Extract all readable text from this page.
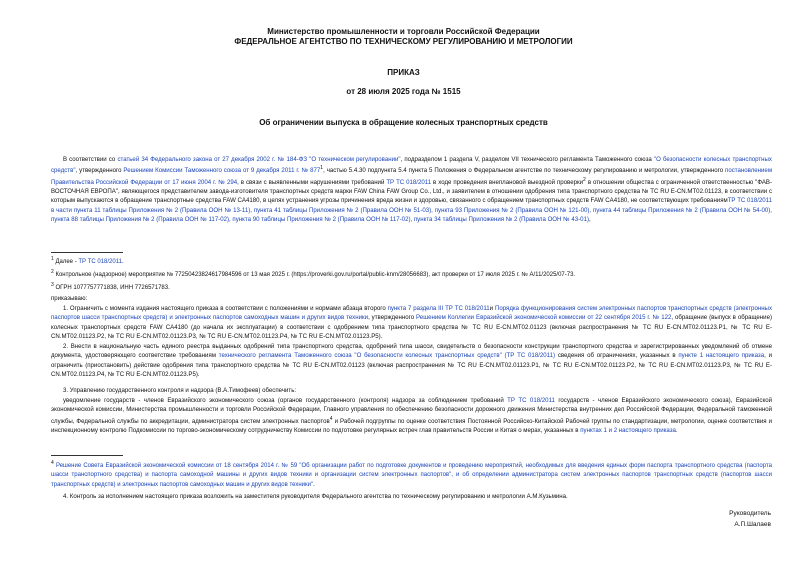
Министерство промышленности и торговли Российской Федерации
ФЕДЕРАЛЬНОЕ АГЕНТСТВО ПО ТЕХНИЧЕСКОМУ РЕГУЛИРОВАНИЮ И МЕТРОЛОГИИ
ПРИКАЗ
от 28 июля 2025 года № 1515
Об ограничении выпуска в обращение колесных транспортных средств
В соответствии со статьей 34 Федерального закона от 27 декабря 2002 г. № 184-ФЗ "О техническом регулировании", подразделом 1 раздела V, разделом VII технического регламента Таможенного союза "О безопасности колесных транспортных средств", утвержденного Решением Комиссии Таможенного союза от 9 декабря 2011 г. № $877^1$, частью 5.4.30 подпункта 5.4 пункта 5 Положения о Федеральном агентстве по техническому регулированию и метрологии, утвержденного постановлением Правительства Российской Федерации от 17 июня 2004 г. № 294, в связи с выявленными нарушениями требований ТР ТС 018/2011 в ходе проведения внеплановой выездной проверки$^2$ в отношении общества с ограниченной ответственностью "ФАВ-ВОСТОЧНАЯ ЕВРОПА", являющегося представителем завода-изготовителя транспортных средств марки FAW China FAW Group Co., Ltd., и заявителем в отношении одобрения типа транспортного средства № ТС RU E-CN.МТ02.01123, в соответствии с которым выпускаются в обращение транспортные средства FAW CA4180, в целях устранения угрозы причинения вреда жизни и здоровью, связанного с обращением транспортных средств FAW CA4180, не соответствующих требованиямТР ТС 018/2011 в части пункта 11 таблицы Приложения № 2 (Правила ООН № 13-11), пункта 41 таблицы Приложения № 2 (Правила ООН № 51-03), пункта 93 Приложения № 2 (Правила ООН № 121-00), пункта 44 таблицы Приложения № 2 (Правила ООН № 54-00), пункта 88 таблицы Приложения № 2 (Правила ООН № 117-02), пункта 90 таблицы Приложения № 2 (Правила ООН № 117-02), пункта 34 таблицы Приложения № 2 (Правила ООН № 43-01),
$^1$ Далее - ТР ТС 018/2011.
$^2$ Контрольное (надзорное) мероприятие № 77250423824617984596 от 13 мая 2025 г. (https://proverki.gov.ru/portal/public-knm/28056683), акт проверки от 17 июля 2025 г. № А/11/2025/07-73.
$^3$ ОГРН 1077757771838, ИНН 7726571783.
приказываю:
1. Ограничить с момента издания настоящего приказа в соответствии с положениями и нормами абзаца второго пункта 7 раздела III ТР ТС 018/2011и Порядка функционирования систем электронных паспортов транспортных средств (электронных паспортов шасси транспортных средств) и электронных паспортов самоходных машин и других видов техники, утвержденного Решением Коллегии Евразийской экономической комиссии от 22 сентября 2015 г. № 122, обращение (выпуск в обращение) колесных транспортных средств FAW CA4180 (до начала их эксплуатации) в соответствии с одобрением типа транспортного средства № ТС RU E-CN.МТ02.01123 (включая распространения № ТС RU E-CN.МТ02.01123.Р1, № ТС RU E-CN.МТ02.01123.Р2, № ТС RU E-CN.МТ02.01123.Р3, № ТС RU E-CN.МТ02.01123.Р4, № ТС RU E-CN.МТ02.01123.Р5).
2. Внести в национальную часть единого реестра выданных одобрений типа транспортного средства, одобрений типа шасси, свидетельств о безопасности конструкции транспортного средства и зарегистрированных уведомлений об отмене документа, удостоверяющего соответствие требованиям технического регламента Таможенного союза "О безопасности колесных транспортных средств" (ТР ТС 018/2011) сведения об ограничениях, указанных в пункте 1 настоящего приказа, и ограничить (приостановить) действие одобрения типа транспортного средства № ТС RU E-CN.МТ02.01123 (включая распространения № ТС RU E-CN.МТ02.01123.Р1, № ТС RU E-CN.МТ02.01123.Р2, № ТС RU E-CN.МТ02.01123.Р3, № ТС RU E-CN.МТ02.01123.Р4, № ТС RU E-CN.МТ02.01123.Р5).
3. Управлению государственного контроля и надзора (В.А.Тимофеев) обеспечить:
уведомление государств - членов Евразийского экономического союза (органов государственного (контроля) надзора за соблюдением требований ТР ТС 018/2011 государств - членов Евразийского экономического союза), Евразийской экономической комиссии, Министерства промышленности и торговли Российской Федерации, Главного управления по обеспечению безопасности дорожного движения Министерства внутренних дел Российской Федерации, Федеральной таможенной службы, Федеральной службы по аккредитации, администратора систем электронных паспортов$^4$ и Рабочей подгруппы по оценке соответствия Постоянной Российско-Китайской Рабочей группы по стандартизации, метрологии, оценке соответствия и инспекционному контролю Подкомиссии по торгово-экономическому сотрудничеству Комиссии по подготовке регулярных встреч глав правительств России и Китая о мерах, указанных в пунктах 1 и 2 настоящего приказа.
$^4$ Решение Совета Евразийской экономической комиссии от 18 сентября 2014 г. № 59 "Об организации работ по подготовке документов и проведению мероприятий, необходимых для введения единых форм паспорта транспортного средства (паспорта шасси транспортного средства) и паспорта самоходной машины и других видов техники и организации систем электронных паспортов", и об определении администратора систем электронных паспортов транспортных средств (паспортов шасси транспортных средств) и электронных паспортов самоходных машин и других видов техники".
4. Контроль за исполнением настоящего приказа возложить на заместителя руководителя Федерального агентства по техническому регулированию и метрологии А.М.Кузьмина.
Руководитель
А.П.Шалаев
